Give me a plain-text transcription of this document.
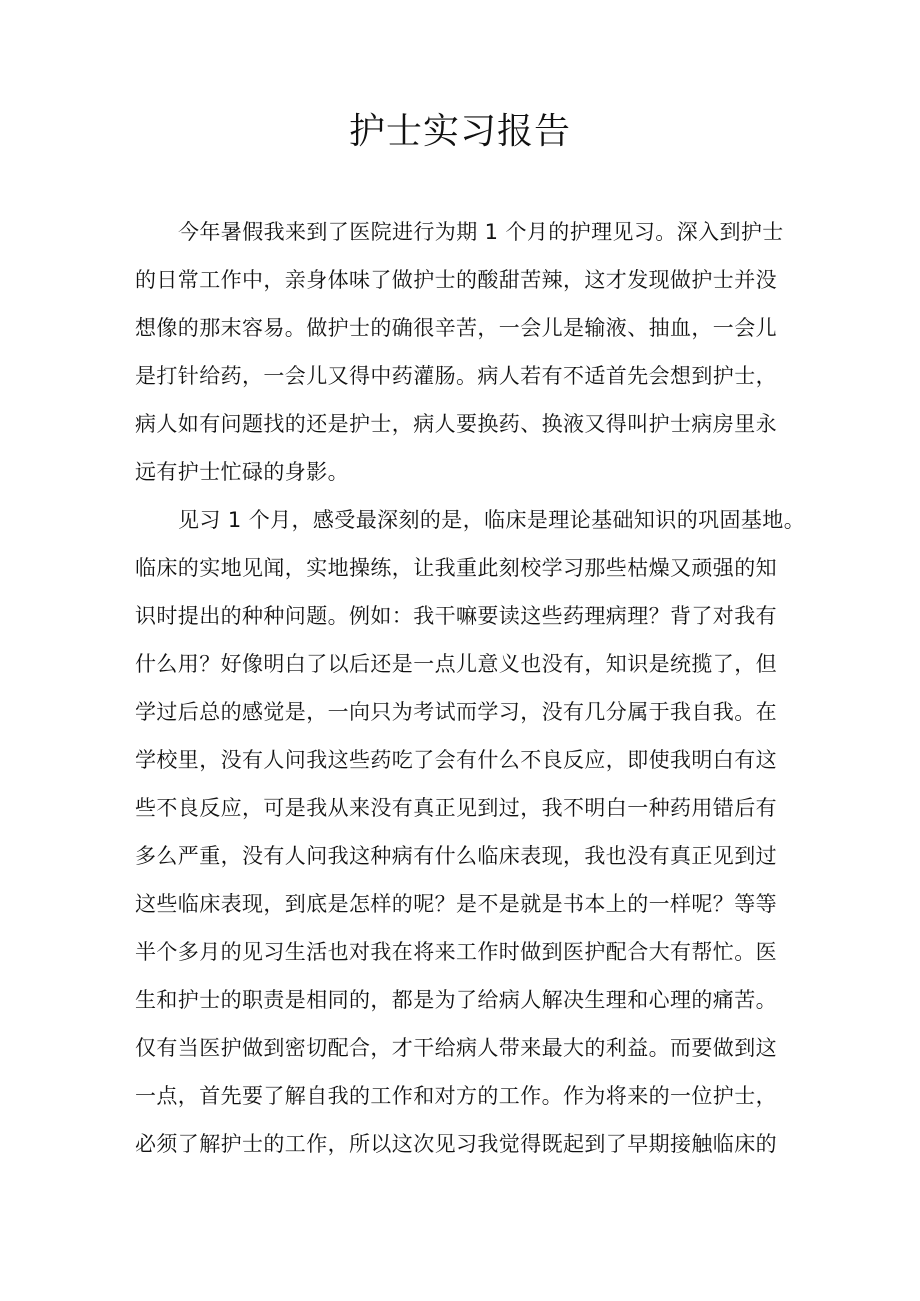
护士实习报告
今年暑假我来到了医院进行为期 1 个月的护理见习。深入到护士
的日常工作中，亲身体味了做护士的酸甜苦辣，这才发现做护士并没
想像的那末容易。做护士的确很辛苦，一会儿是输液、抽血，一会儿
是打针给药，一会儿又得中药灌肠。病人若有不适首先会想到护士，
病人如有问题找的还是护士，病人要换药、换液又得叫护士病房里永
远有护士忙碌的身影。
见习 1 个月，感受最深刻的是，临床是理论基础知识的巩固基地。
临床的实地见闻，实地操练，让我重此刻校学习那些枯燥又顽强的知
识时提出的种种问题。例如：我干嘛要读这些药理病理？背了对我有
什么用？好像明白了以后还是一点儿意义也没有，知识是统揽了，但
学过后总的感觉是，一向只为考试而学习，没有几分属于我自我。在
学校里，没有人问我这些药吃了会有什么不良反应，即使我明白有这
些不良反应，可是我从来没有真正见到过，我不明白一种药用错后有
多么严重，没有人问我这种病有什么临床表现，我也没有真正见到过
这些临床表现，到底是怎样的呢？是不是就是书本上的一样呢？等等
半个多月的见习生活也对我在将来工作时做到医护配合大有帮忙。医
生和护士的职责是相同的，都是为了给病人解决生理和心理的痛苦。
仅有当医护做到密切配合，才干给病人带来最大的利益。而要做到这
一点，首先要了解自我的工作和对方的工作。作为将来的一位护士，
必须了解护士的工作，所以这次见习我觉得既起到了早期接触临床的
